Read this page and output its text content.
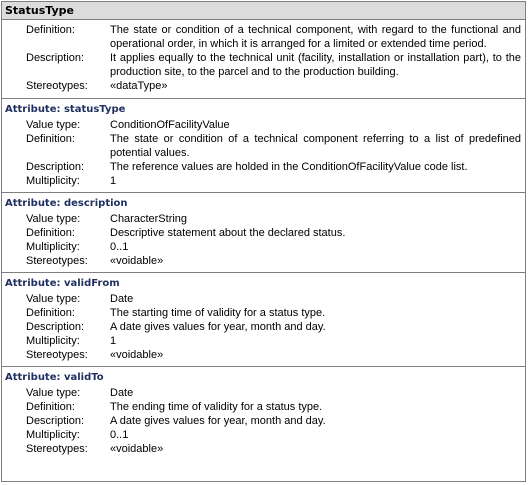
StatusType
Definition:	The state or condition of a technical component, with regard to the functional and operational order, in which it is arranged for a limited or extended time period.
Description:	It applies equally to the technical unit (facility, installation or installation part), to the production site, to the parcel and to the production building.
Stereotypes:	«dataType»
Attribute: statusType
Value type:	ConditionOfFacilityValue
Definition:	The state or condition of a technical component referring to a list of predefined potential values.
Description:	The reference values are holded in the ConditionOfFacilityValue code list.
Multiplicity:	1
Attribute: description
Value type:	CharacterString
Definition:	Descriptive statement about the declared status.
Multiplicity:	0..1
Stereotypes:	«voidable»
Attribute: validFrom
Value type:	Date
Definition:	The starting time of validity for a status type.
Description:	A date gives values for year, month and day.
Multiplicity:	1
Stereotypes:	«voidable»
Attribute: validTo
Value type:	Date
Definition:	The ending time of validity for a status type.
Description:	A date gives values for year, month and day.
Multiplicity:	0..1
Stereotypes:	«voidable»
